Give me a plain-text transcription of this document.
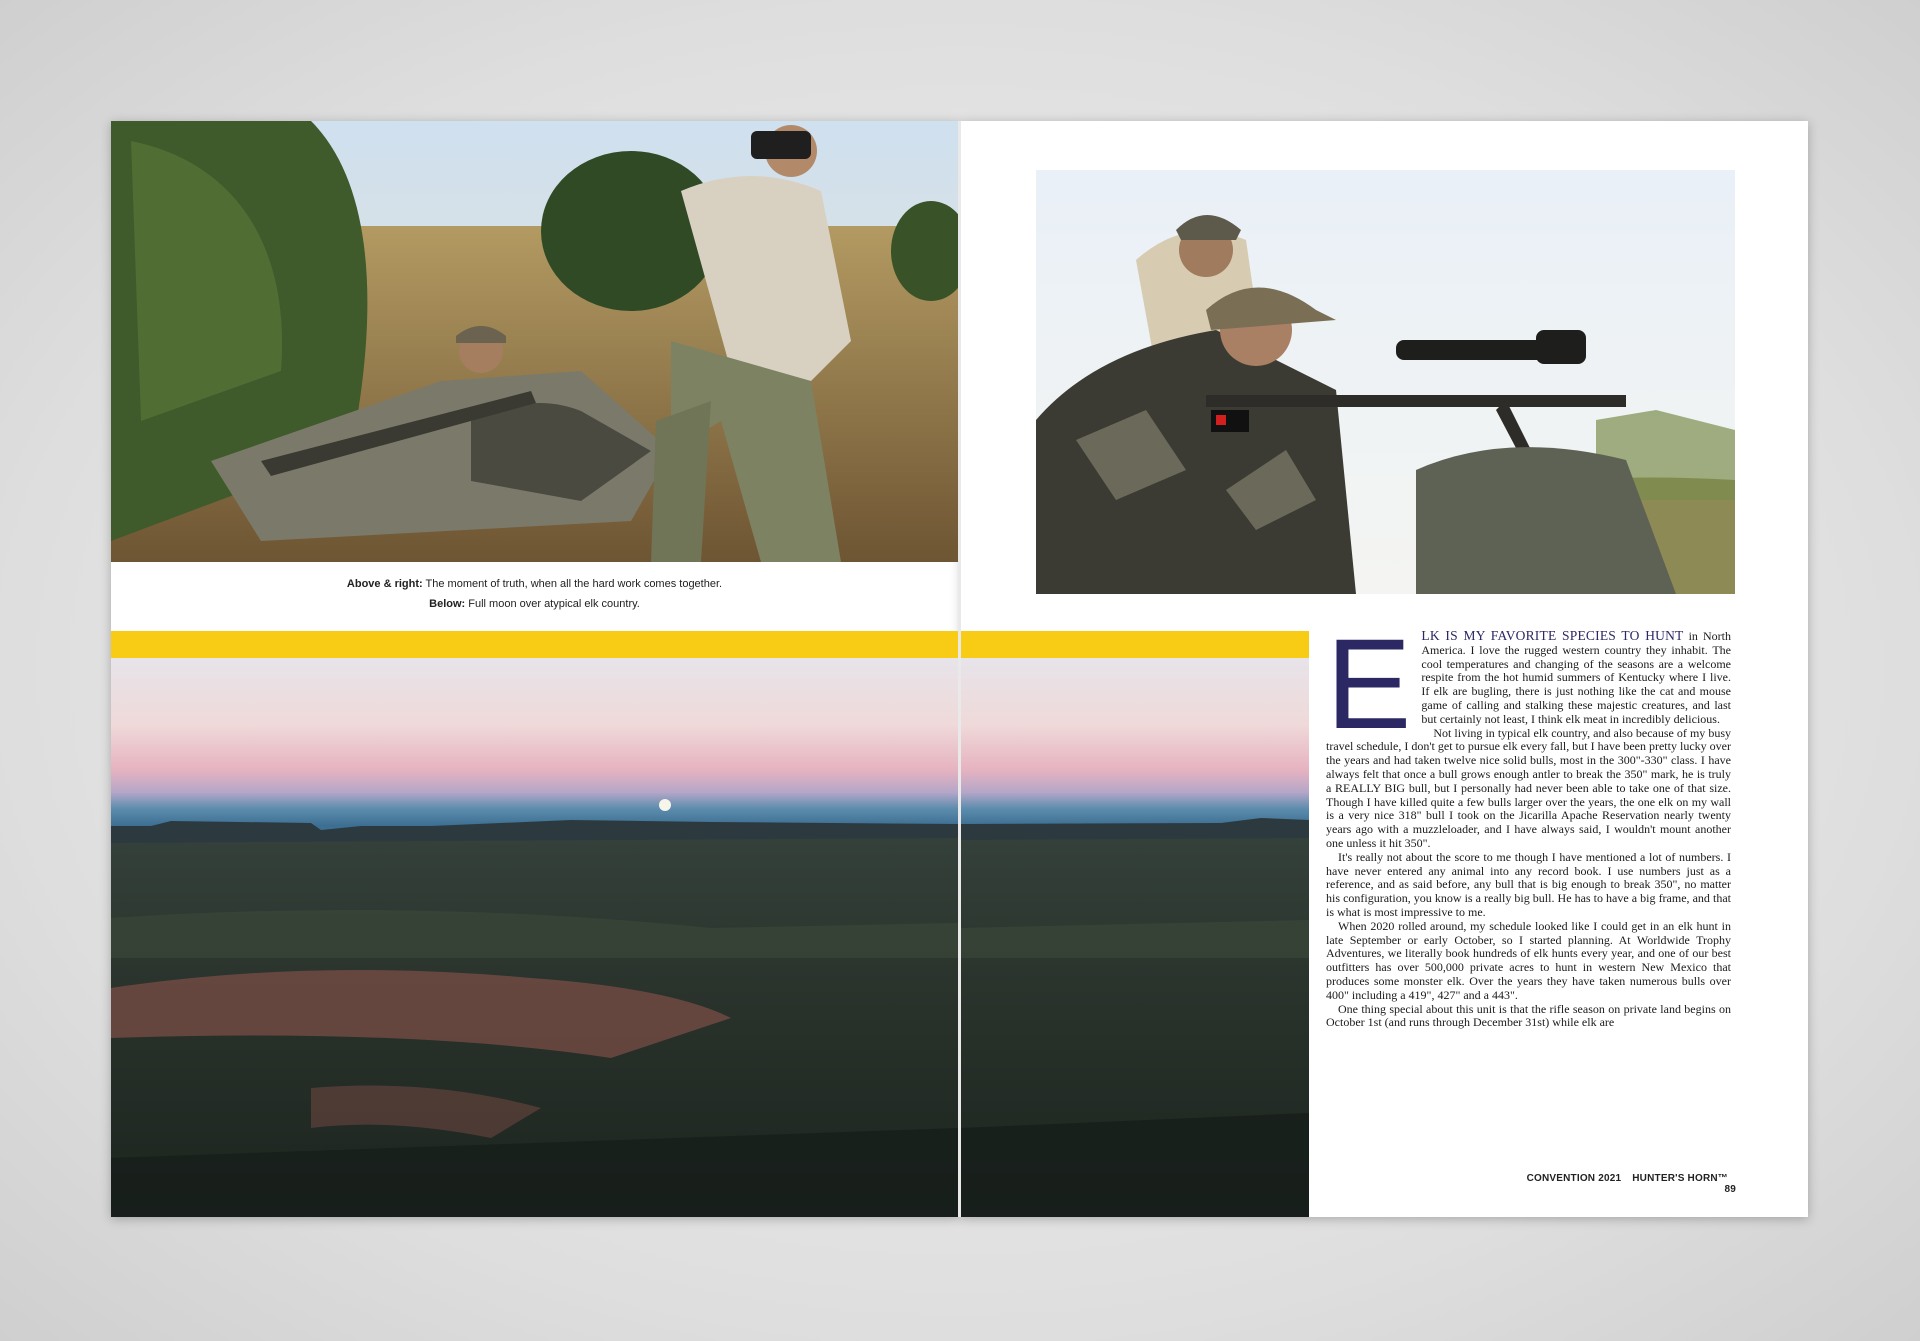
Above & right: The moment of truth, when all the hard work comes together.
Below: Full moon over atypical elk country.
E LK IS MY FAVORITE SPECIES TO HUNT in North America. I love the rugged western country they inhabit. The cool temperatures and changing of the seasons are a welcome respite from the hot humid summers of Kentucky where I live. If elk are bugling, there is just nothing like the cat and mouse game of calling and stalking these majestic creatures, and last but certainly not least, I think elk meat in incredibly delicious.

Not living in typical elk country, and also because of my busy travel schedule, I don't get to pursue elk every fall, but I have been pretty lucky over the years and had taken twelve nice solid bulls, most in the 300"-330" class. I have always felt that once a bull grows enough antler to break the 350" mark, he is truly a REALLY BIG bull, but I personally had never been able to take one of that size. Though I have killed quite a few bulls larger over the years, the one elk on my wall is a very nice 318" bull I took on the Jicarilla Apache Reservation nearly twenty years ago with a muzzleloader, and I have always said, I wouldn't mount another one unless it hit 350".

It's really not about the score to me though I have mentioned a lot of numbers. I have never entered any animal into any record book. I use numbers just as a reference, and as said before, any bull that is big enough to break 350", no matter his configuration, you know is a really big bull. He has to have a big frame, and that is what is most impressive to me.

When 2020 rolled around, my schedule looked like I could get in an elk hunt in late September or early October, so I started planning. At Worldwide Trophy Adventures, we literally book hundreds of elk hunts every year, and one of our best outfitters has over 500,000 private acres to hunt in western New Mexico that produces some monster elk. Over the years they have taken numerous bulls over 400" including a 419", 427" and a 443".

One thing special about this unit is that the rifle season on private land begins on October 1st (and runs through December 31st) while elk are

CONVENTION 2021 HUNTER'S HORN™ 89
